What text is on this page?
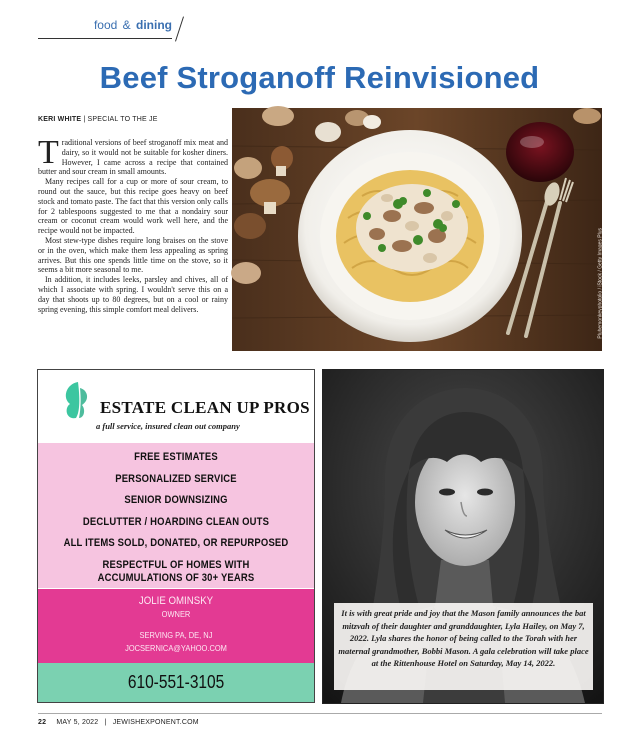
food & dining
Beef Stroganoff Reinvisioned
KERI WHITE | SPECIAL TO THE JE

Traditional versions of beef stroganoff mix meat and dairy, so it would not be suitable for kosher diners. However, I came across a recipe that contained butter and sour cream in small amounts.

Many recipes call for a cup or more of sour cream, to round out the sauce, but this recipe goes heavy on beef stock and tomato paste. The fact that this version only calls for 2 tablespoons suggested to me that a nondairy sour cream or coconut cream would work well here, and the recipe would not be impacted.

Most stew-type dishes require long braises on the stove or in the oven, which make them less appealing as spring arrives. But this one spends little time on the stove, so it seems a bit more seasonal to me.

In addition, it includes leeks, parsley and chives, all of which I associate with spring. I wouldn't serve this on a day that shoots up to 80 degrees, but on a cool or rainy spring evening, this simple comfort meal delivers.	Pluhemonkeyphotolio / iStock / Getty Images Plus
ESTATE CLEAN UP PROS
a full service, insured clean out company
FREE ESTIMATES
PERSONALIZED SERVICE
SENIOR DOWNSIZING
DECLUTTER / HOARDING CLEAN OUTS
ALL ITEMS SOLD, DONATED, OR REPURPOSED
RESPECTFUL OF HOMES WITH
ACCUMULATIONS OF 30+ YEARS
JOLIE OMINSKY
OWNER
SERVING PA, DE, NJ
JOCSERNICA@YAHOO.COM
610-551-3105
It is with great pride and joy that the Mason family announces the bat mitzvah of their daughter and granddaughter, Lyla Hailey, on May 7, 2022. Lyla shares the honor of being called to the Torah with her maternal grandmother, Bobbi Mason. A gala celebration will take place at the Rittenhouse Hotel on Saturday, May 14, 2022.
22 MAY 5, 2022 | JEWISHEXPONENT.COM
